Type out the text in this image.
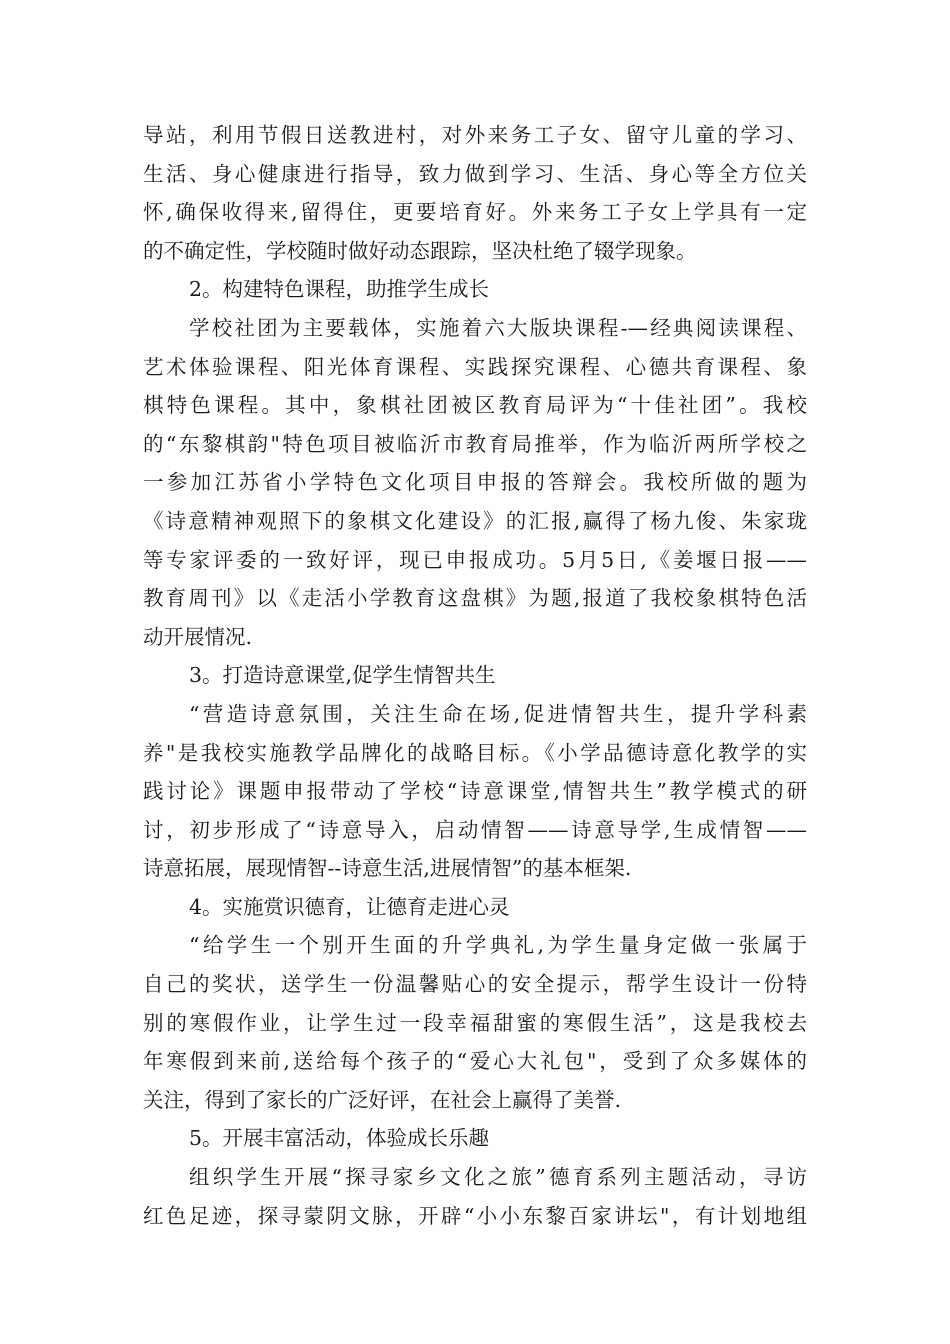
导站，利用节假日送教进村，对外来务工子女、留守儿童的学习、
生活、身心健康进行指导，致力做到学习、生活、身心等全方位关
怀,确保收得来,留得住，更要培育好。外来务工子女上学具有一定
的不确定性，学校随时做好动态跟踪，坚决杜绝了辍学现象。
2。构建特色课程，助推学生成长
学校社团为主要载体，实施着六大版块课程-—经典阅读课程、
艺术体验课程、阳光体育课程、实践探究课程、心德共育课程、象
棋特色课程。其中，象棋社团被区教育局评为“十佳社团”。我校
的“东黎棋韵"特色项目被临沂市教育局推举，作为临沂两所学校之
一参加江苏省小学特色文化项目申报的答辩会。我校所做的题为
《诗意精神观照下的象棋文化建设》的汇报,赢得了杨九俊、朱家珑
等专家评委的一致好评，现已申报成功。5月5日,《姜堰日报——
教育周刊》以《走活小学教育这盘棋》为题,报道了我校象棋特色活
动开展情况.
3。打造诗意课堂,促学生情智共生
“营造诗意氛围，关注生命在场,促进情智共生，提升学科素
养"是我校实施教学品牌化的战略目标。《小学品德诗意化教学的实
践讨论》课题申报带动了学校“诗意课堂,情智共生”教学模式的研
讨，初步形成了“诗意导入，启动情智——诗意导学,生成情智——
诗意拓展，展现情智--诗意生活,进展情智”的基本框架.
4。实施赏识德育，让德育走进心灵
“给学生一个别开生面的升学典礼,为学生量身定做一张属于
自己的奖状，送学生一份温馨贴心的安全提示，帮学生设计一份特
别的寒假作业，让学生过一段幸福甜蜜的寒假生活”，这是我校去
年寒假到来前,送给每个孩子的“爱心大礼包"，受到了众多媒体的
关注，得到了家长的广泛好评，在社会上赢得了美誉.
5。开展丰富活动，体验成长乐趣
组织学生开展“探寻家乡文化之旅”德育系列主题活动，寻访
红色足迹，探寻蒙阴文脉，开辟“小小东黎百家讲坛"，有计划地组
